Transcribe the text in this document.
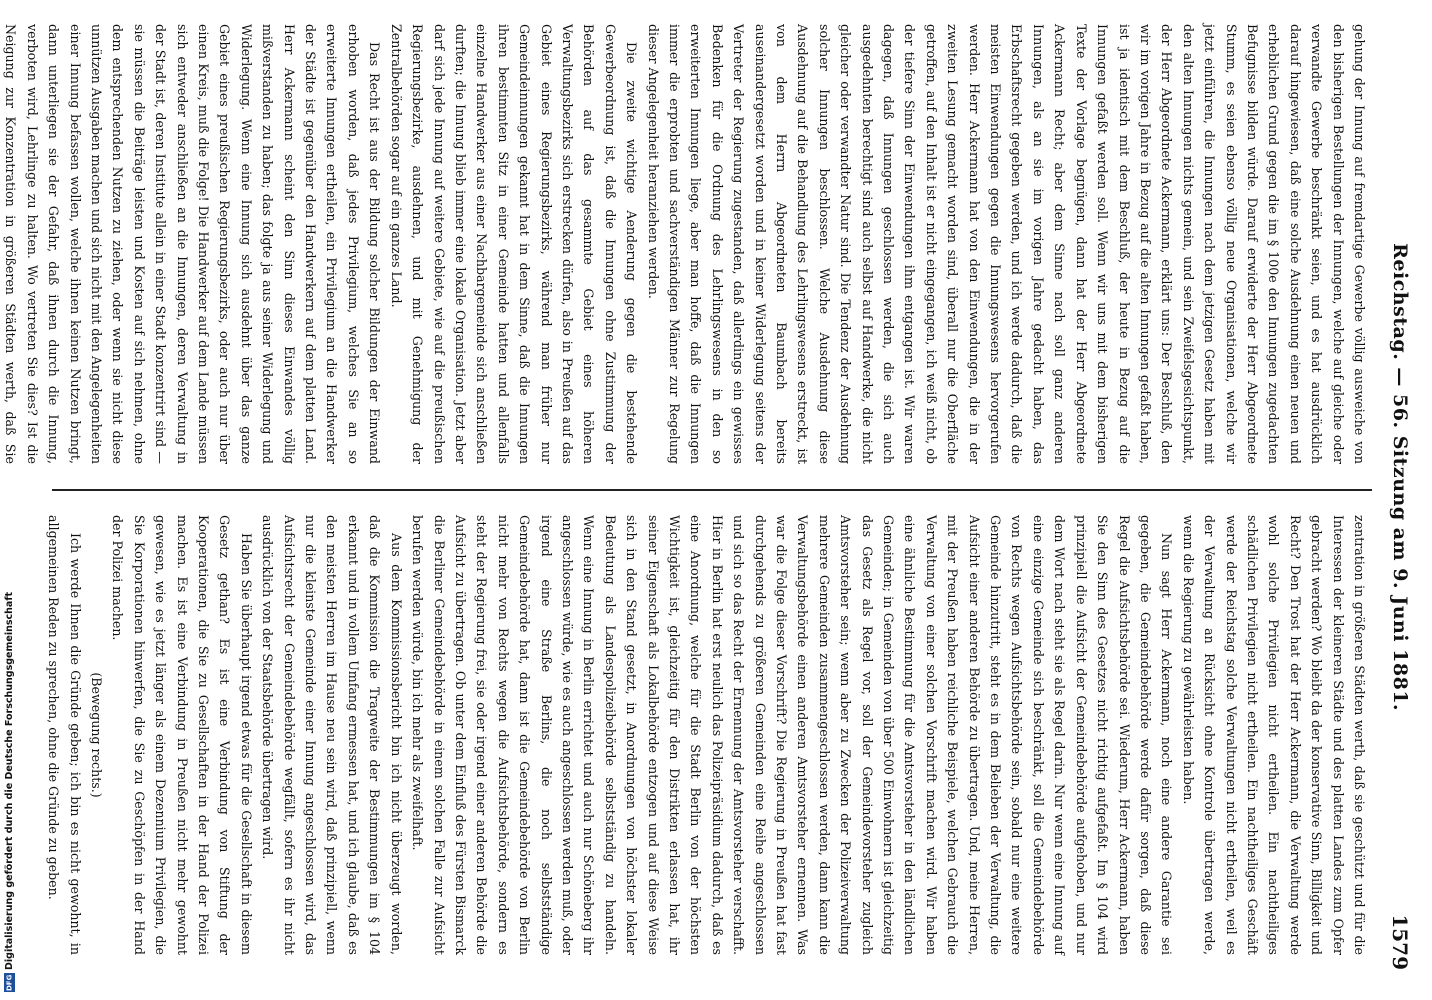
Reichstag. — 56. Sitzung am 9. Juni 1881.
1579

gehung der Innung auf fremdartige Gewerbe völlig ausweiche von den bisherigen Bestellungen der Innungen, welche auf gleiche oder verwandte Gewerbe beschränkt seien, und es hat ausdrücklich darauf hingewiesen, daß eine solche Ausdehnung einen neuen und erheblichen Grund gegen die im § 100e den Innungen zugedachten Befugnisse bilden würde. Darauf erwiderte der Herr Abgeordnete Stumm, es seien ebenso völlig neue Organisationen, welche wir jetzt einführen, die Innungen nach dem jetzigen Gesetz haben mit den alten Innungen nichts gemein, und sein Zweifelsgesichtspunkt, der Herr Abgeordnete Ackermann, erklärt uns: Der Beschluß, den wir im vorigen Jahre in Bezug auf die alten Innungen gefaßt haben, ist ja identisch mit dem Beschluß, der heute in Bezug auf die Innungen gefaßt werden soll. Wenn wir uns mit dem bisherigen Texte der Vorlage begnügen, dann hat der Herr Abgeordnete Ackermann Recht; aber dem Sinne nach soll ganz anderen Innungen, als an sie im vorigen Jahre gedacht haben, das Erbschaftsrecht gegeben werden, und ich werde dadurch, daß die meisten Einwendungen gegen die Innungswesens hervorgerufen werden. Herr Ackermann hat von den Einwendungen, die in der zweiten Lesung gemacht worden sind, überall nur die Oberfläche getroffen, auf den Inhalt ist er nicht eingegangen, ich weiß nicht, ob der tiefere Sinn der Einwendungen ihm entgangen ist. Wir waren dagegen, daß Innungen geschlossen werden, die sich auch ausgedehnten berechtigt sind auch selbst auf Handwerke, die nicht gleicher oder verwandter Natur sind. Die Tendenz der Ausdehnung solcher Innungen beschlossen. Welche Ausdehnung diese Ausdehnung auf die Behandlung des Lehrlingswesens erstreckt, ist von dem Herrn Abgeordneten Baumbach bereits auseinandergesetzt worden und in keiner Widerlegung seitens der Vertreter der Regierung zugestanden, daß allerdings ein gewisses Bedenken für die Ordnung des Lehrlingswesens in den so erweiterten Innungen liege, aber man hoffe, daß die Innungen immer die erprobten und sachverständigen Männer zur Regelung dieser Angelegenheit heranziehen werden.

Die zweite wichtige Aenderung gegen die bestehende Gewerbeordnung ist, daß die Innungen ohne Zustimmung der Behörden auf das gesammte Gebiet eines höheren Verwaltungsbezirks sich erstrecken dürfen, also in Preußen auf das Gebiet eines Regierungsbezirks, während man früher nur Gemeindeinnungen gekannt hat in dem Sinne, daß die Innungen ihren bestimmten Sitz in einer Gemeinde hatten und allenfalls einzelne Handwerker aus einer Nachbargemeinde sich anschließen durften; die Innung blieb immer eine lokale Organisation. Jetzt aber darf sich jede Innung auf weitere Gebiete, wie auf die preußischen Regierungsbezirke, ausdehnen, und mit Genehmigung der Zentralbehörden sogar auf ein ganzes Land.

Das Recht ist aus der Bildung solcher Bildungen der Einwand erhoben worden, daß jedes Privilegium, welches Sie an so erweiterte Innungen ertheilen, ein Privilegium an die Handwerker der Städte ist gegenüber den Handwerkern auf dem platten Land. Herr Ackermann scheint den Sinn dieses Einwandes völlig mißverstanden zu haben; das folgte ja aus seiner Widerlegung und Widerlegung. Wenn eine Innung sich ausdehnt über das ganze Gebiet eines preußischen Regierungsbezirks, oder auch nur über einen Kreis, muß die Folge! Die Handwerker auf dem Lande müssen sich entweder anschließen an die Innungen, deren Verwaltung in der Stadt ist, deren Institute allein in einer Stadt konzentrirt sind — sie müssen die Beiträge leisten und Kosten auf sich nehmen, ohne dem entsprechenden Nutzen zu ziehen, oder wenn sie nicht diese unnützen Ausgaben machen und sich nicht mit den Angelegenheiten einer Innung befassen wollen, welche ihnen keinen Nutzen bringt, dann unterliegen sie der Gefahr, daß ihnen durch die Innung, verboten wird, Lehrlinge zu halten. Wo vertreten Sie dies? Ist die Neigung zur Konzentration in größeren Städten werth, daß Sie

zentration in größeren Städten werth, daß sie geschützt und für die Interessen der kleineren Städte und des platten Landes zum Opfer gebracht werden? Wo bleibt da der konservative Sinn, Billigkeit und Recht? Den Trost hat der Herr Ackermann, die Verwaltung werde wohl solche Privilegien nicht ertheilen. Ein nachtheiliges schädlichen Privilegien nicht ertheilen. Ein nachtheiliges Geschäft werde der Reichstag solche Verwaltungen nicht ertheilen, weil es der Verwaltung an Rücksicht ohne Kontrole übertragen werde, wenn die Regierung zu gewährleisten haben.

Nun sagt Herr Ackermann, noch eine andere Garantie sei gegeben, die Gemeindebehörde werde dafür sorgen, daß diese Regel die Aufsichtsbehörde sei. Wiederum, Herr Ackermann, haben Sie den Sinn des Gesetzes nicht richtig aufgefaßt. Im § 104 wird prinzipiell die Aufsicht der Gemeindebehörde aufgehoben, und nur dem Wort nach steht sie als Regel darin. Nur wenn eine Innung auf eine einzige Gemeinde sich beschränkt, soll die Gemeindebehörde von Rechts wegen Aufsichtsbehörde sein, sobald nur eine weitere Gemeinde hinzutritt, steht es in dem Belieben der Verwaltung, die Aufsicht einer anderen Behörde zu übertragen. Und, meine Herren, mit der Preußen haben reichliche Beispiele, welchen Gebrauch die Verwaltung von einer solchen Vorschrift machen wird. Wir haben eine ähnliche Bestimmung für die Amtsvorsteher in den ländlichen Gemeinden; in Gemeinden von über 500 Einwohnern ist gleichzeitig das Gesetz als Regel vor, soll der Gemeindevorsteher zugleich Amtsvorsteher sein; wenn aber zu Zwecken der Polizeiverwaltung mehrere Gemeinden zusammengeschlossen werden, dann kann die Verwaltungsbehörde einen anderen Amtsvorsteher ernennen. Was war die Folge dieser Vorschrift? Die Regierung in Preußen hat fast durchgehends zu größeren Gemeinden eine Reihe angeschlossen und sich so das Recht der Ernennung der Amtsvorsteher verschafft. Hier in Berlin hat erst neulich das Polizeipräsidium dadurch, daß es eine Anordnung, welche für die Stadt Berlin von der höchsten Wichtigkeit ist, gleichzeitig für den Distrikten erlassen hat, ihr seiner Eigenschaft als Lokalbehörde entzogen und auf diese Weise sich in den Stand gesetzt, in Anordnungen von höchster lokaler Bedeutung als Landespolizeibehörde selbstständig zu handeln. Wenn eine Innung in Berlin errichtet und auch nur Schöneberg ihr angeschlossen würde, wie es auch angeschlossen werden muß, oder irgend eine Straße Berlins, die noch selbstständige Gemeindebehörde hat, dann ist die Gemeindebehörde von Berlin nicht mehr von Rechts wegen die Aufsichtsbehörde, sondern es steht der Regierung frei, sie oder irgend einer anderen Behörde die Aufsicht zu übertragen. Ob unter dem Einfluß des Fürsten Bismarck die Berliner Gemeindebehörde in einem solchen Falle zur Aufsicht berufen werden würde, bin ich mehr als zweifelhaft.

Aus dem Kommissionsbericht bin ich nicht überzeugt worden, daß die Kommission die Tragweite der Bestimmungen im § 104 erkannt und in vollem Umfang ermessen hat, und ich glaube, daß es den meisten Herren im Hause neu sein wird, daß prinzipiell, wenn nur die kleinste Gemeinde einer Innung angeschlossen wird, das Aufsichtsrecht der Gemeindebehörde wegfällt, sofern es ihr nicht ausdrücklich von der Staatsbehörde übertragen wird.

Haben Sie überhaupt irgend etwas für die Gesellschaft in diesem Gesetz gethan? Es ist eine Verbindung von Stiftung der Kooperationen, die Sie zu Gesellschaften in der Hand der Polizei machen. Es ist eine Verbindung in Preußen nicht mehr gewohnt gewesen, wie es jetzt länger als einem Dezennium Privilegien, die Sie Korporationen hinwerfen, die Sie zu Geschöpfen in der Hand der Polizei machen.

(Bewegung rechts.)

Ich werde Ihnen die Gründe geben; ich bin es nicht gewohnt, in allgemeinen Reden zu sprechen, ohne die Gründe zu geben.

Digitalisierung gefördert durch die Deutsche Forschungsgemeinschaft
DFG
